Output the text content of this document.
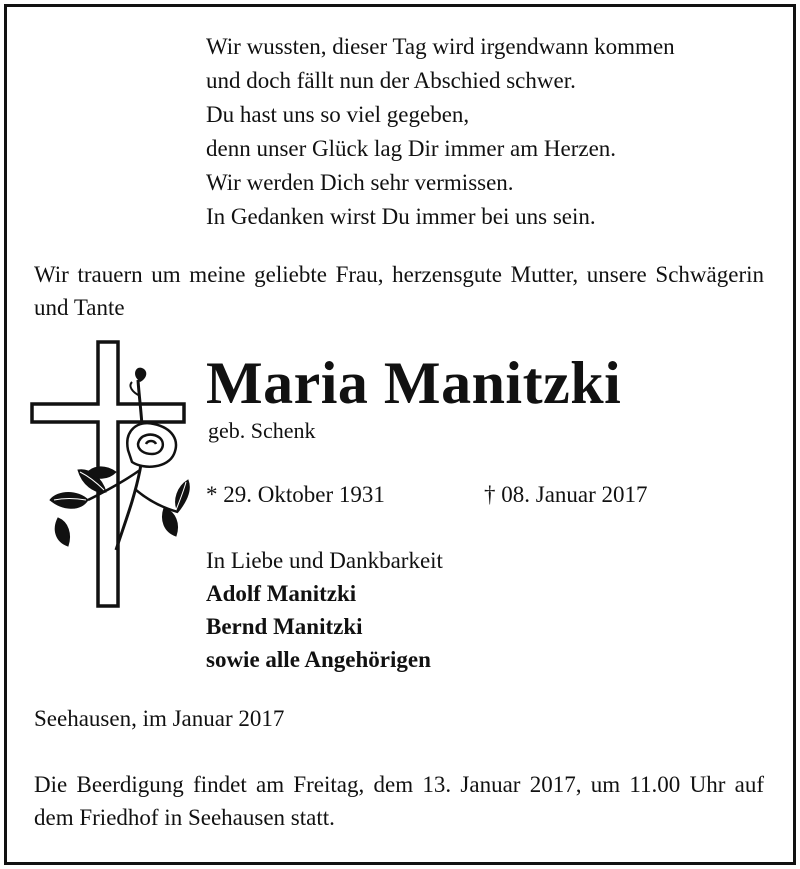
Wir wussten, dieser Tag wird irgendwann kommen
und doch fällt nun der Abschied schwer.
Du hast uns so viel gegeben,
denn unser Glück lag Dir immer am Herzen.
Wir werden Dich sehr vermissen.
In Gedanken wirst Du immer bei uns sein.
Wir trauern um meine geliebte Frau, herzensgute Mutter, unsere Schwägerin und Tante
Maria Manitzki
geb. Schenk
* 29. Oktober 1931	† 08. Januar 2017
In Liebe und Dankbarkeit
Adolf Manitzki
Bernd Manitzki
sowie alle Angehörigen
Seehausen, im Januar 2017
Die Beerdigung findet am Freitag, dem 13. Januar 2017, um 11.00 Uhr auf dem Friedhof in Seehausen statt.
